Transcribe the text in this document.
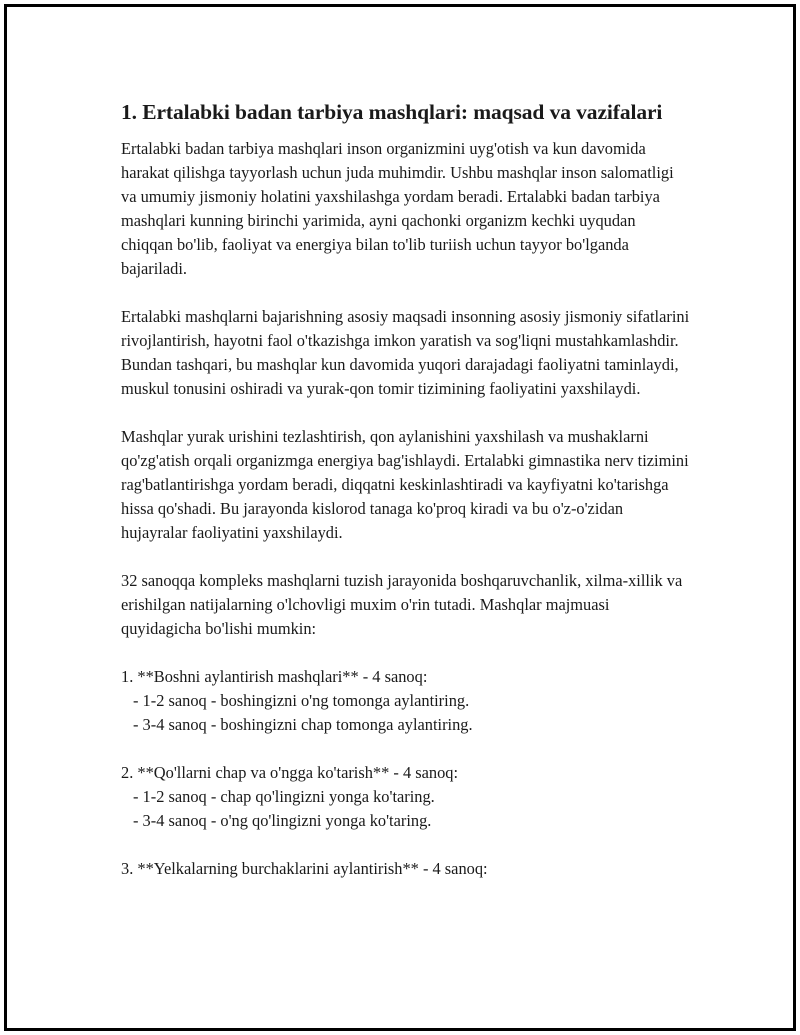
1. Ertalabki badan tarbiya mashqlari: maqsad va vazifalari

Ertalabki badan tarbiya mashqlari inson organizmini uyg'otish va kun davomida harakat qilishga tayyorlash uchun juda muhimdir. Ushbu mashqlar inson salomatligi va umumiy jismoniy holatini yaxshilashga yordam beradi. Ertalabki badan tarbiya mashqlari kunning birinchi yarimida, ayni qachonki organizm kechki uyqudan chiqqan bo'lib, faoliyat va energiya bilan to'lib turiish uchun tayyor bo'lganda bajariladi.

Ertalabki mashqlarni bajarishning asosiy maqsadi insonning asosiy jismoniy sifatlarini rivojlantirish, hayotni faol o'tkazishga imkon yaratish va sog'liqni mustahkamlashdir. Bundan tashqari, bu mashqlar kun davomida yuqori darajadagi faoliyatni taminlaydi, muskul tonusini oshiradi va yurak-qon tomir tizimining faoliyatini yaxshilaydi.

Mashqlar yurak urishini tezlashtirish, qon aylanishini yaxshilash va mushaklarni qo'zg'atish orqali organizmga energiya bag'ishlaydi. Ertalabki gimnastika nerv tizimini rag'batlantirishga yordam beradi, diqqatni keskinlashtiradi va kayfiyatni ko'tarishga hissa qo'shadi. Bu jarayonda kislorod tanaga ko'proq kiradi va bu o'z-o'zidan hujayralar faoliyatini yaxshilaydi.

32 sanoqqa kompleks mashqlarni tuzish jarayonida boshqaruvchanlik, xilma-xillik va erishilgan natijalarning o'lchovligi muxim o'rin tutadi. Mashqlar majmuasi quyidagicha bo'lishi mumkin:

1. **Boshni aylantirish mashqlari** - 4 sanoq:

- 1-2 sanoq - boshingizni o'ng tomonga aylantiring.

- 3-4 sanoq - boshingizni chap tomonga aylantiring.

2. **Qo'llarni chap va o'ngga ko'tarish** - 4 sanoq:

- 1-2 sanoq - chap qo'lingizni yonga ko'taring.

- 3-4 sanoq - o'ng qo'lingizni yonga ko'taring.

3. **Yelkalarning burchaklarini aylantirish** - 4 sanoq:
